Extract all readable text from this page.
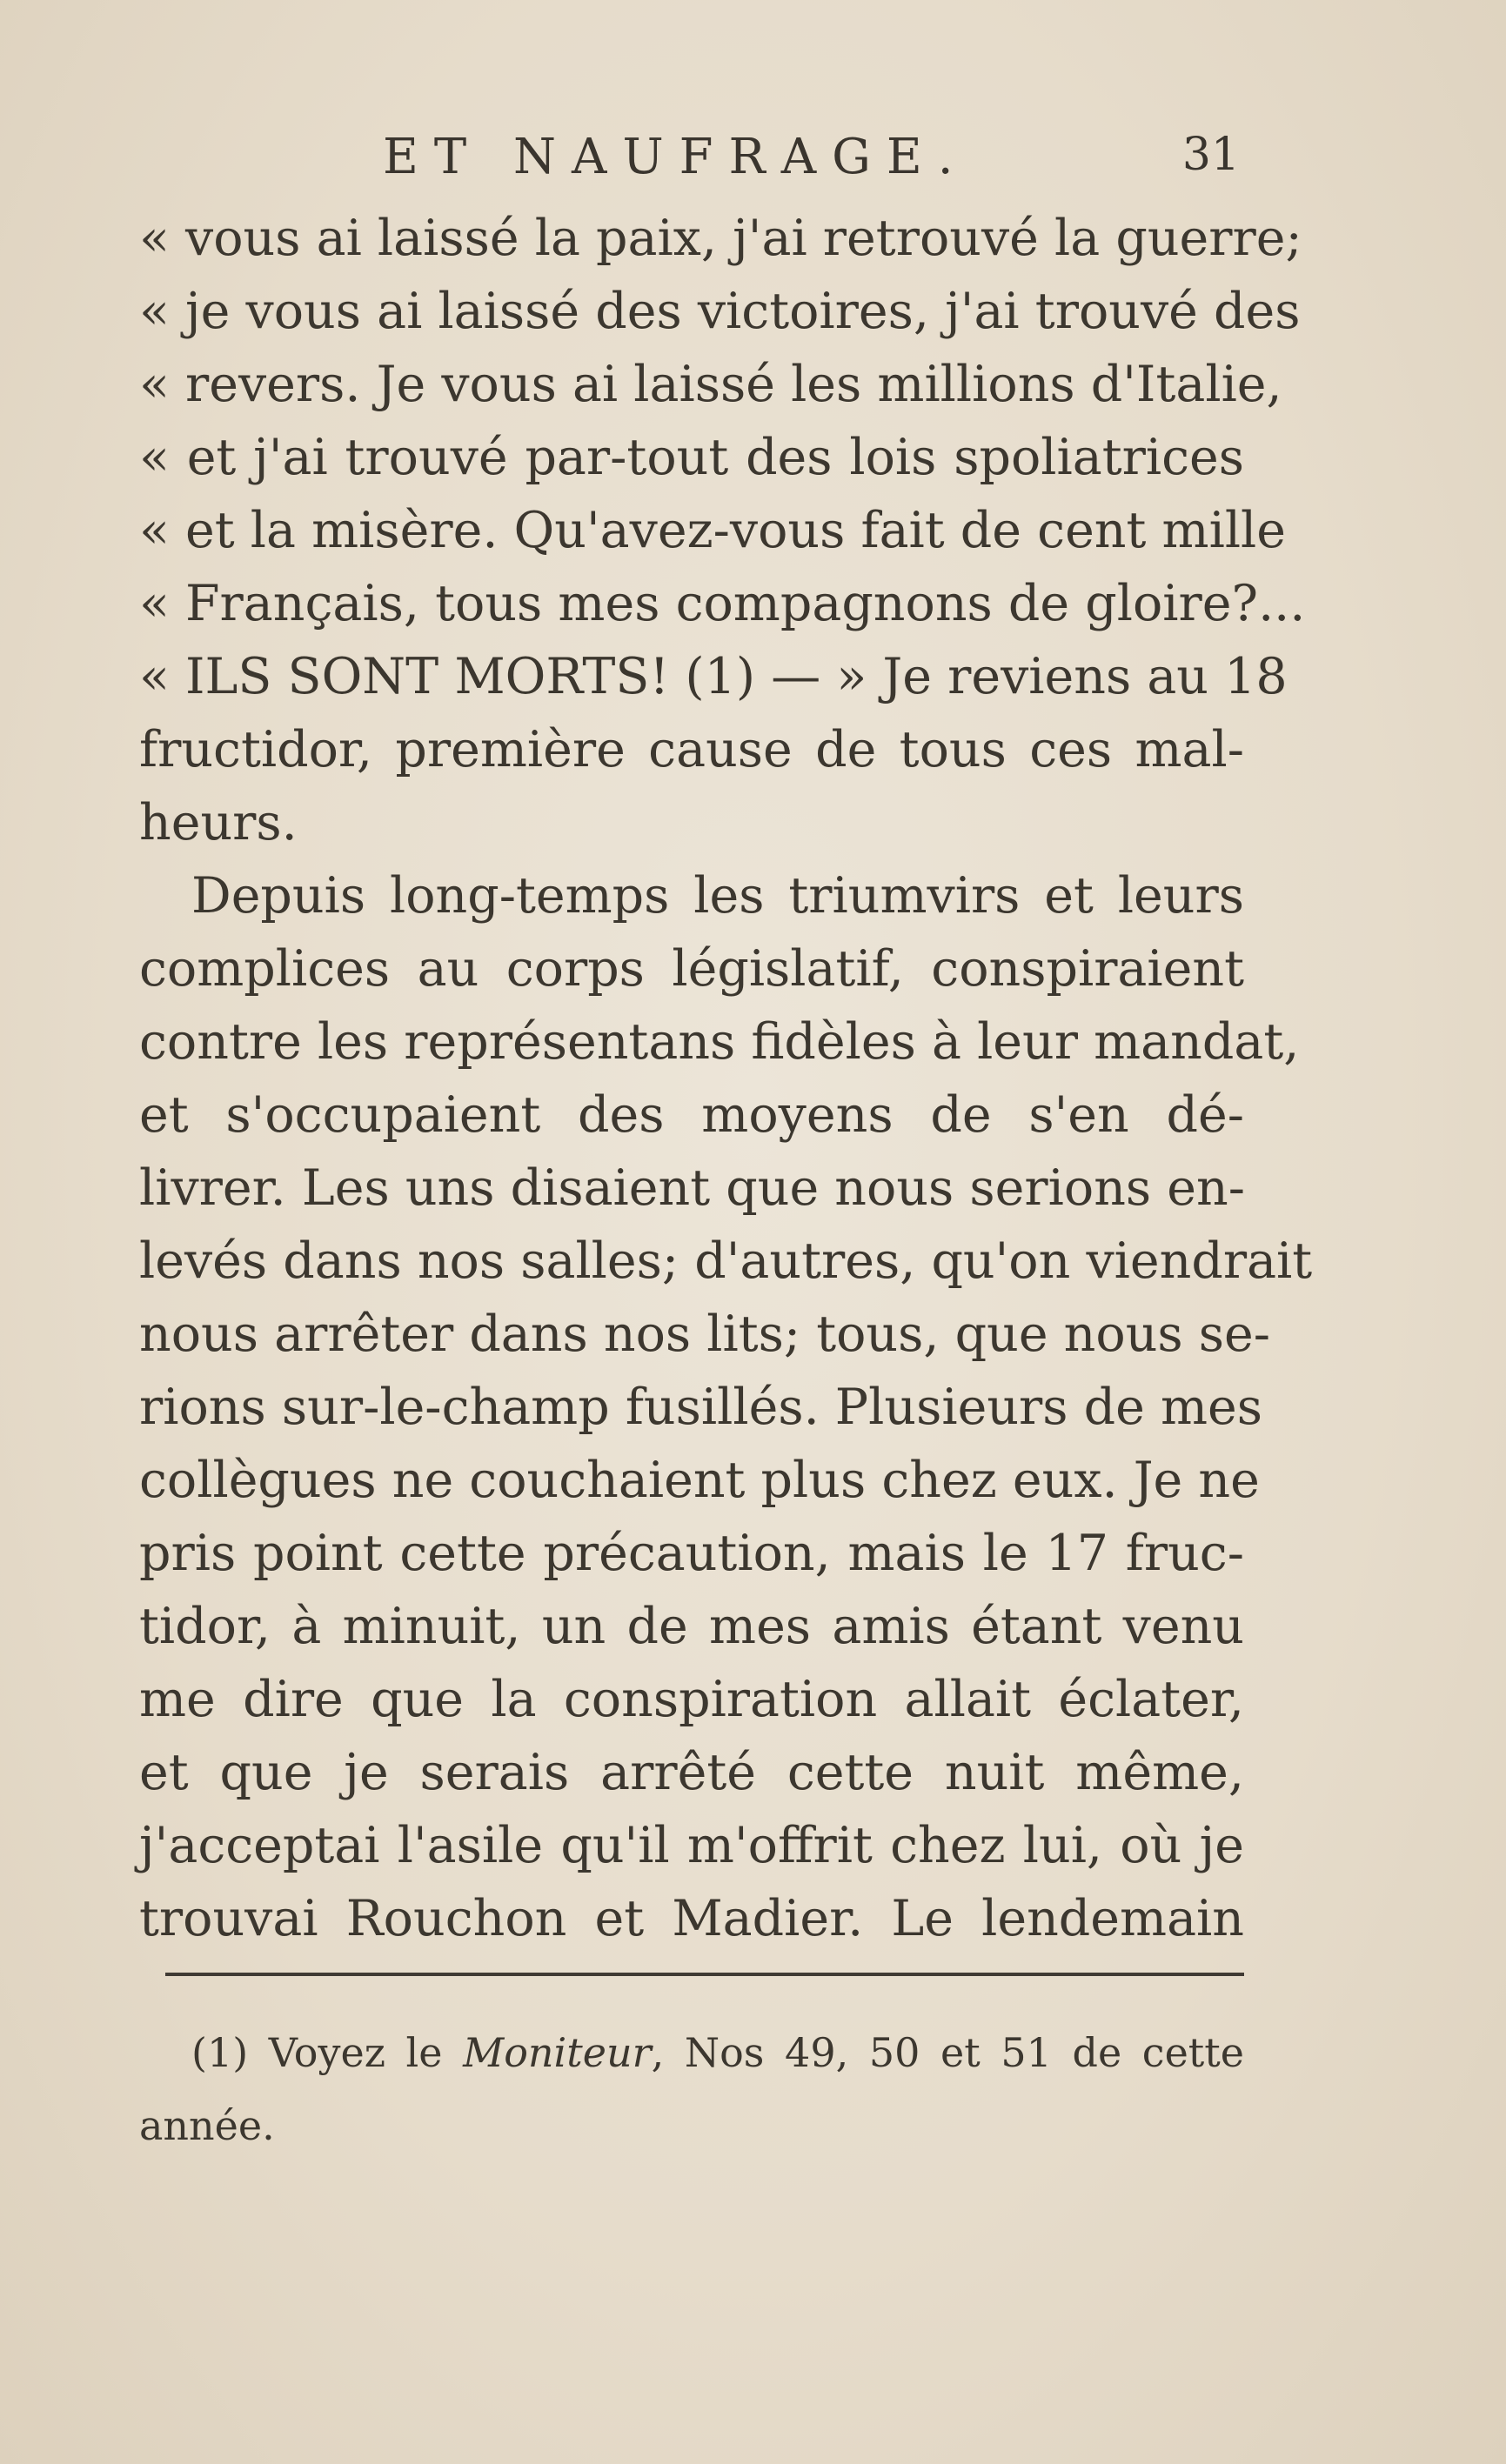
ET NAUFRAGE.	31
« vous ai laissé la paix, j'ai retrouvé la guerre;
« je vous ai laissé des victoires, j'ai trouvé des
« revers. Je vous ai laissé les millions d'Italie,
« et j'ai trouvé par-tout des lois spoliatrices
« et la misère. Qu'avez-vous fait de cent mille
« Français, tous mes compagnons de gloire?...
« ILS SONT MORTS! (1) — » Je reviens au 18
fructidor, première cause de tous ces mal-
heurs.
Depuis long-temps les triumvirs et leurs
complices au corps législatif, conspiraient
contre les représentans fidèles à leur mandat,
et s'occupaient des moyens de s'en dé-
livrer. Les uns disaient que nous serions en-
levés dans nos salles; d'autres, qu'on viendrait
nous arrêter dans nos lits; tous, que nous se-
rions sur-le-champ fusillés. Plusieurs de mes
collègues ne couchaient plus chez eux. Je ne
pris point cette précaution, mais le 17 fruc-
tidor, à minuit, un de mes amis étant venu
me dire que la conspiration allait éclater,
et que je serais arrêté cette nuit même,
j'acceptai l'asile qu'il m'offrit chez lui, où je
trouvai Rouchon et Madier. Le lendemain
(1) Voyez le Moniteur, Nos 49, 50 et 51 de cette
année.
